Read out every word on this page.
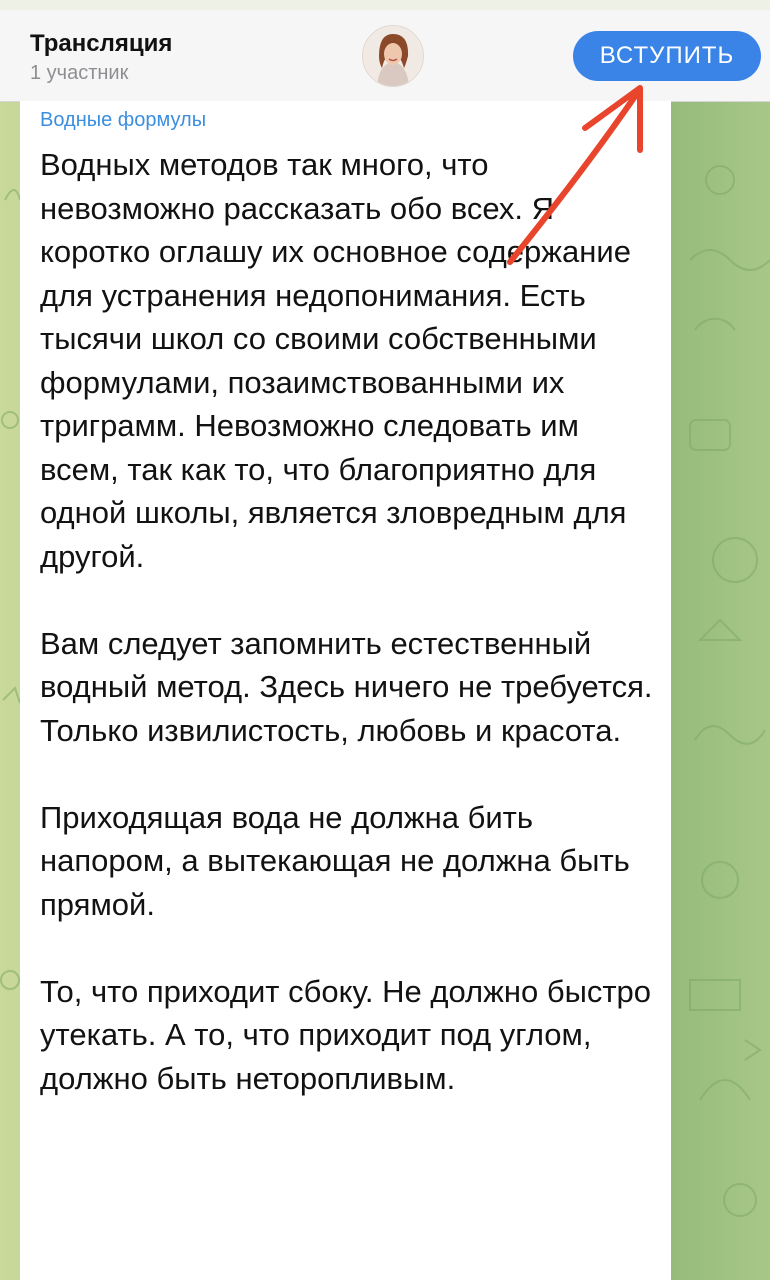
Трансляция
1 участник
ВСТУПИТЬ
Водные формулы

Водных методов так много, что невозможно рассказать обо всех. Я коротко оглашу их основное содержание для устранения недопонимания. Есть тысячи школ со своими собственными формулами, позаимствованными их триграмм. Невозможно следовать им всем, так как то, что благоприятно для одной школы, является зловредным для другой.

Вам следует запомнить естественный водный метод. Здесь ничего не требуется. Только извилистость, любовь и красота.

Приходящая вода не должна бить напором, а вытекающая не должна быть прямой.

То, что приходит сбоку. Не должно быстро утекать. А то, что приходит под углом, должно быть неторопливым.
